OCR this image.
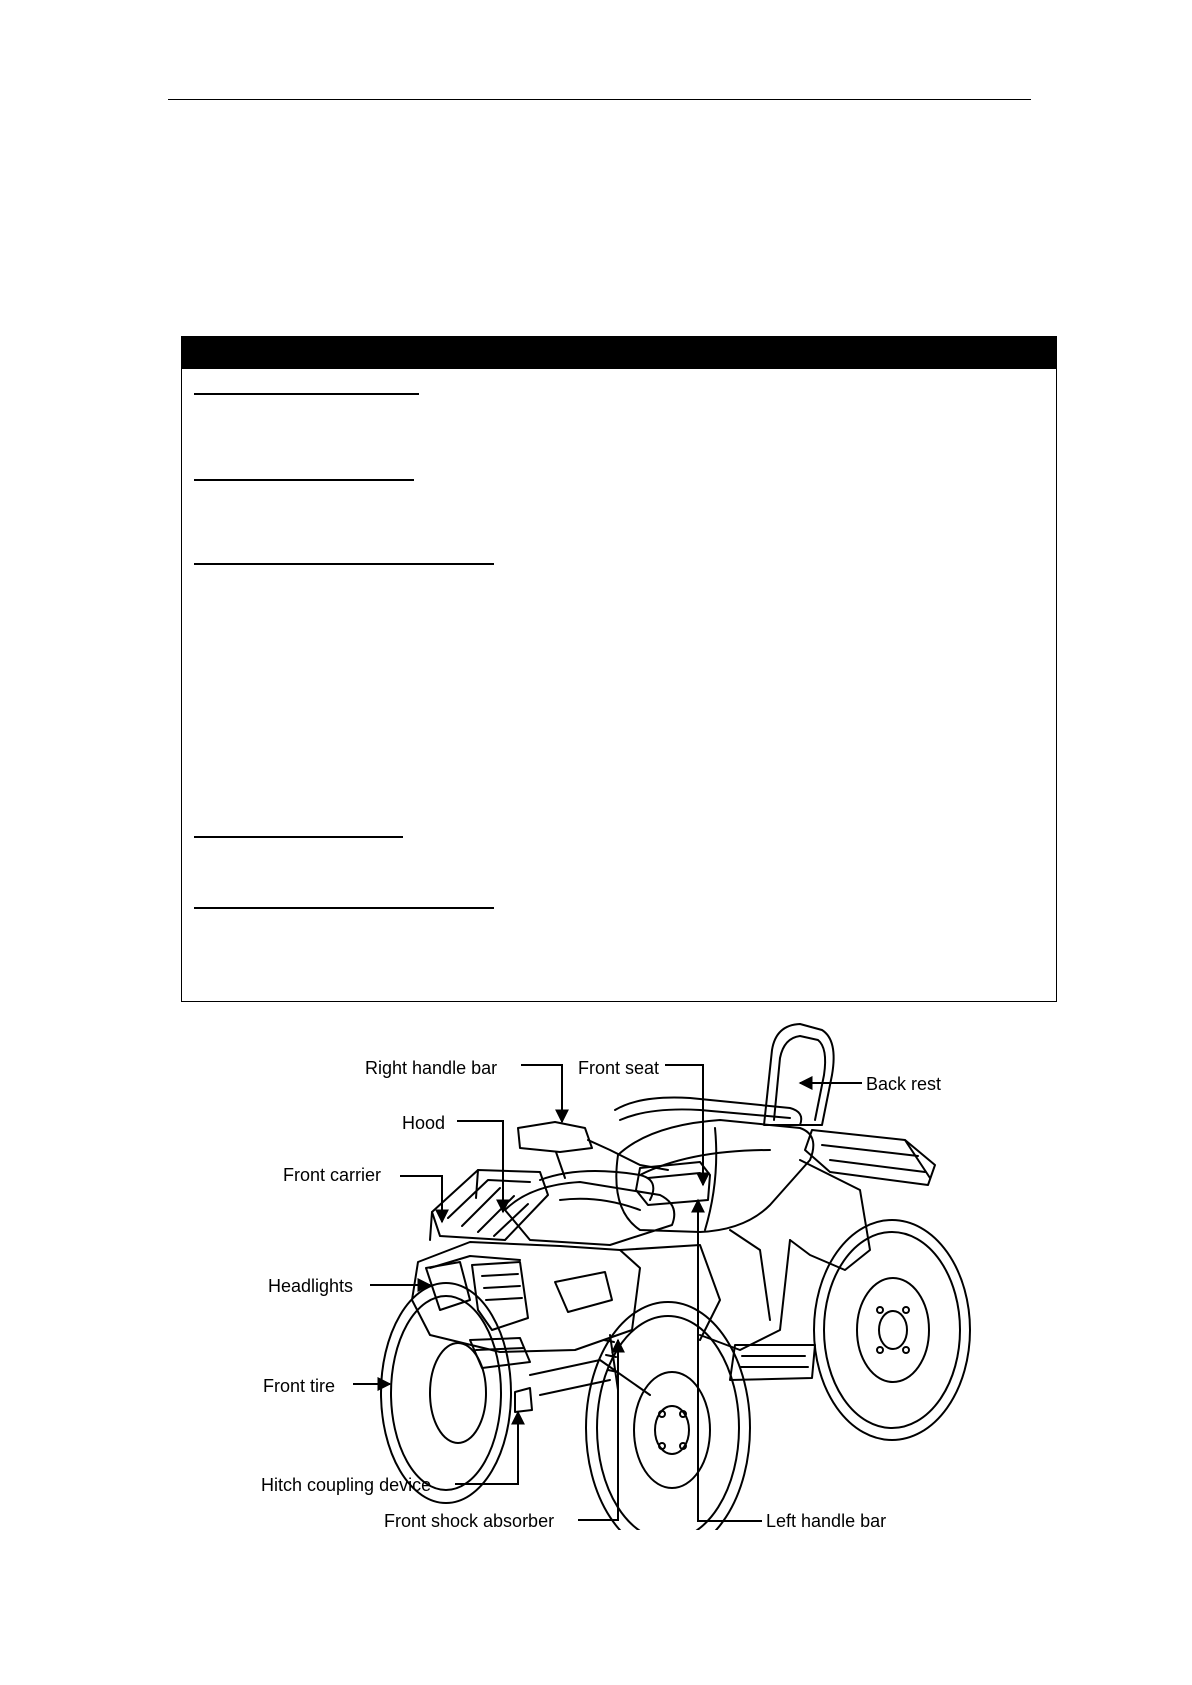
Right handle bar	Front seat
Back rest
Hood
Front carrier
Headlights
Front tire
Hitch coupling device
Front shock absorber	Left handle bar
